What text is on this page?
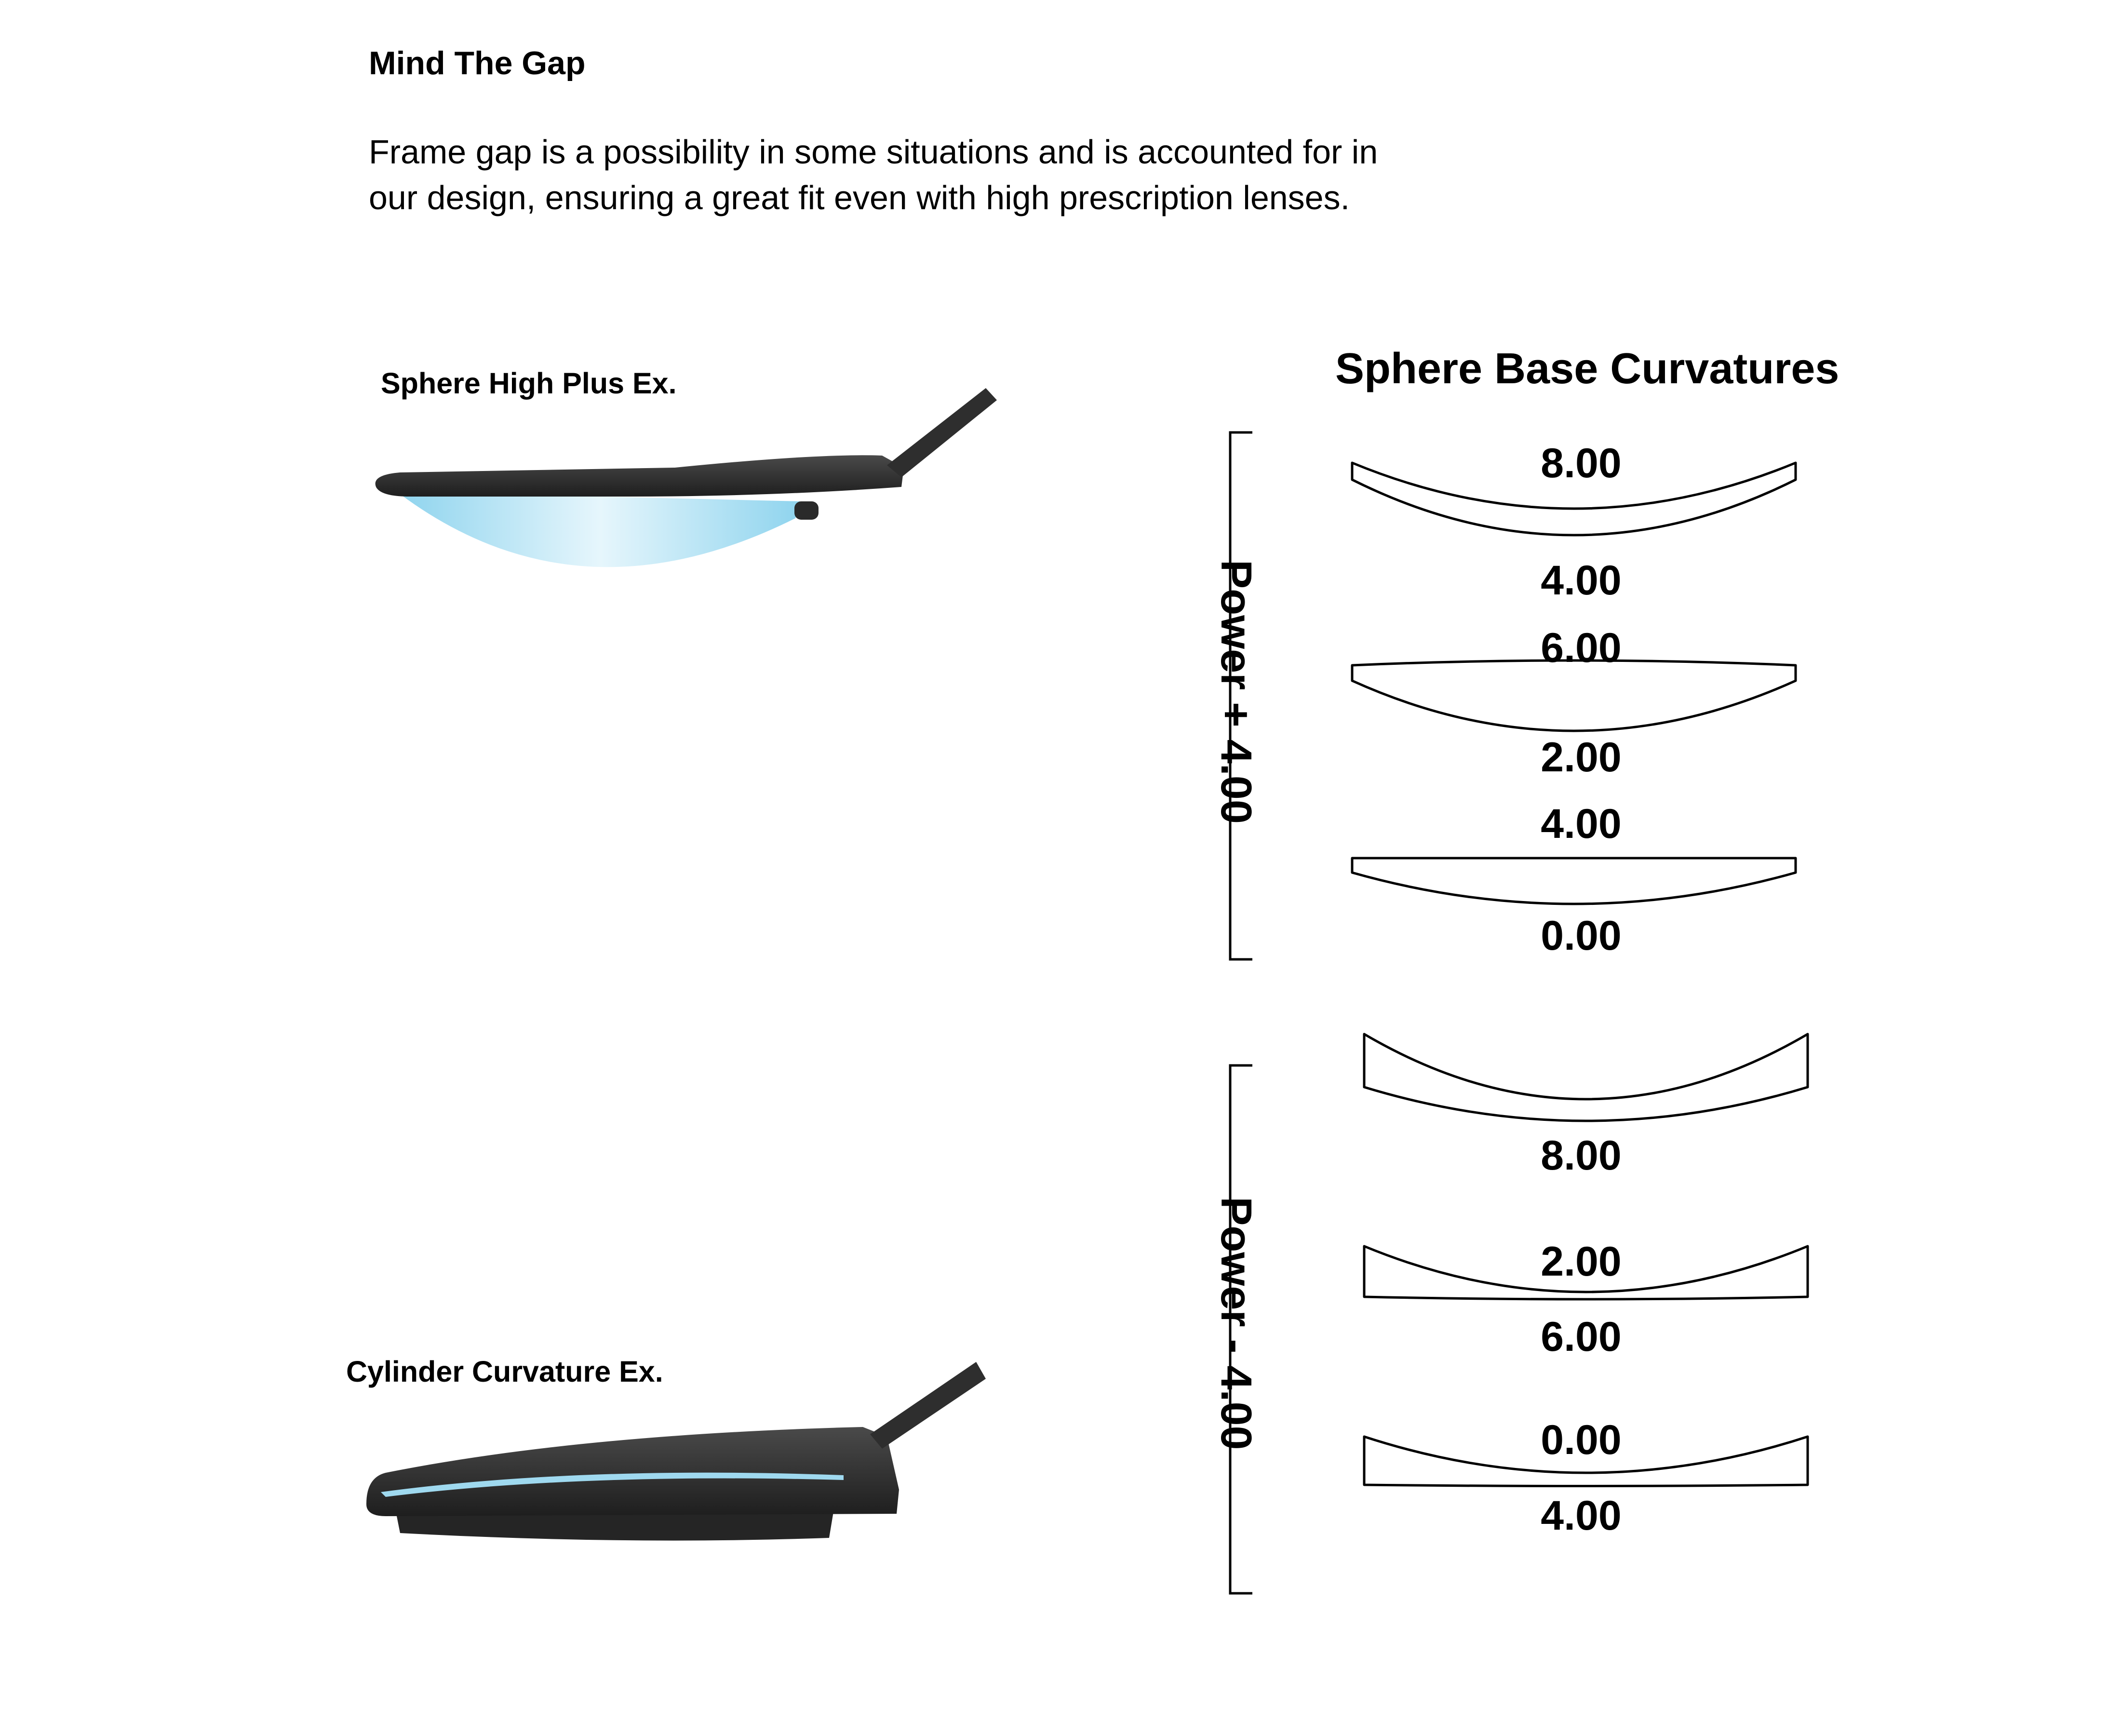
Mind The Gap
Frame gap is a possibility in some situations and is accounted for in
our design, ensuring a great fit even with high prescription lenses.
Sphere High Plus Ex.
Cylinder Curvature Ex.
Sphere Base Curvatures
Power + 4.00
Power - 4.00
8.00
4.00
6.00
2.00
4.00
0.00
8.00
2.00
6.00
0.00
4.00
